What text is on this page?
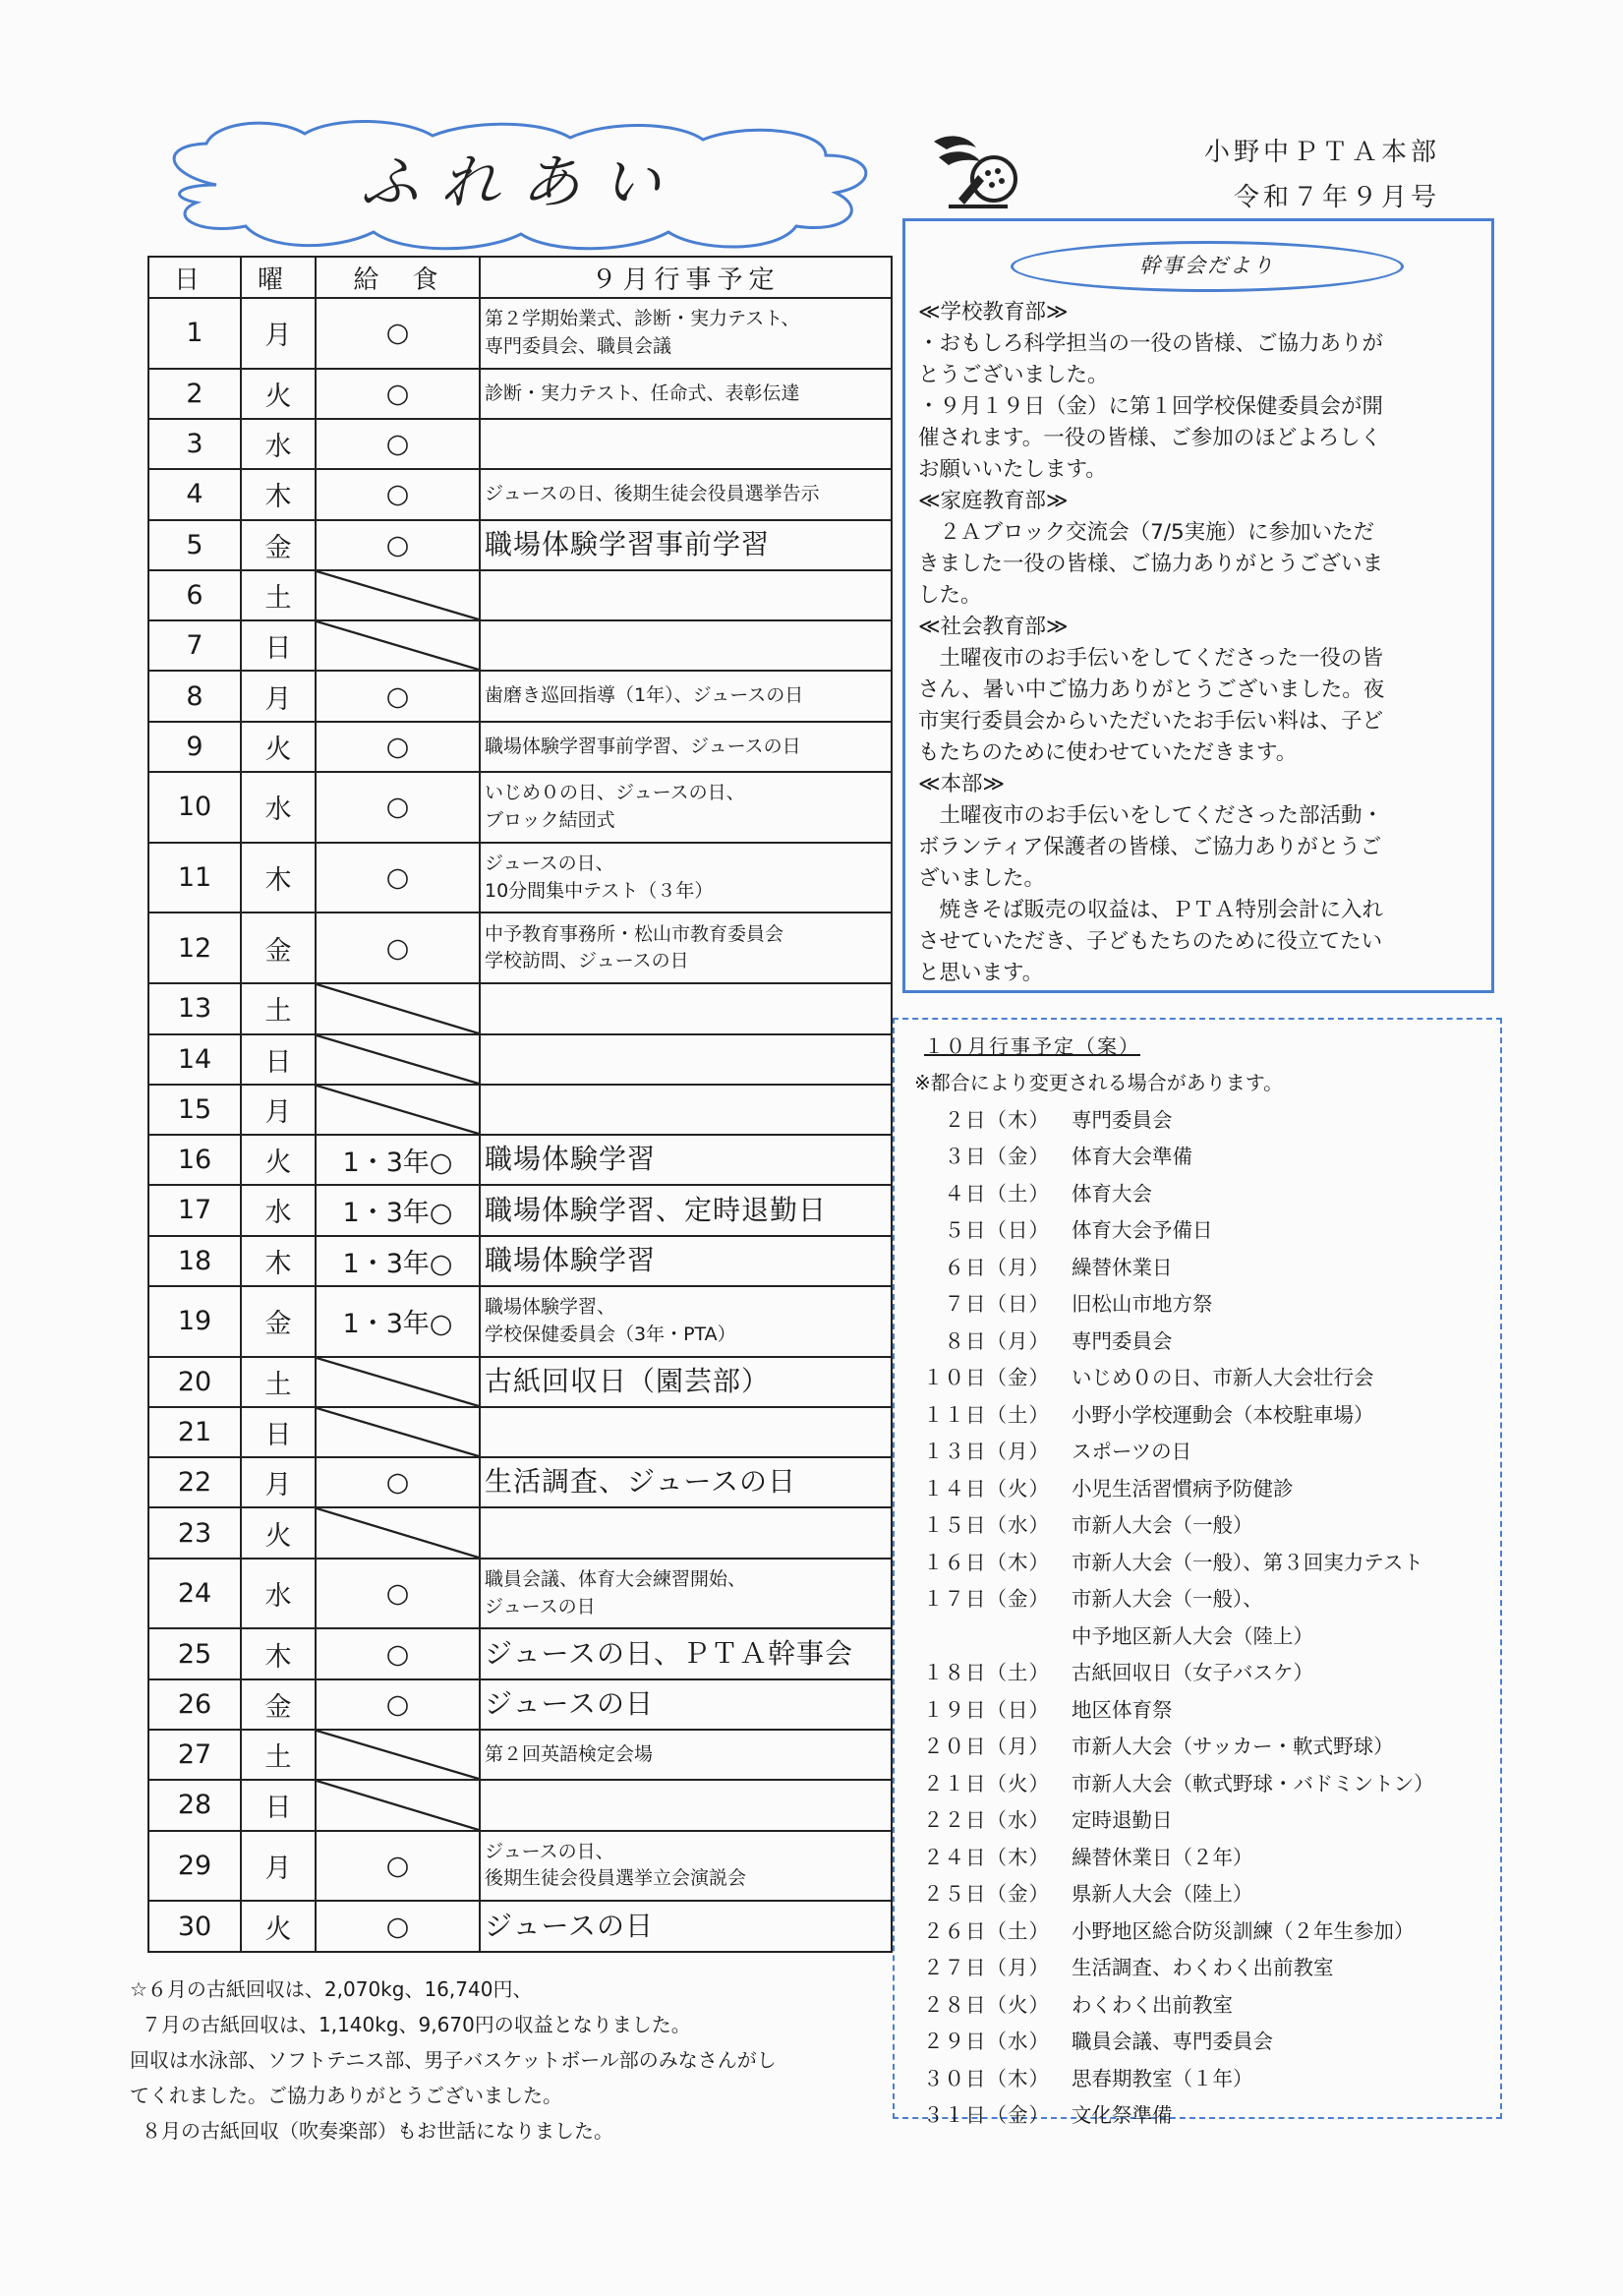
ふれあい	小野中ＰＴＡ本部
令和７年９月号
日	曜	給　食	９月行事予定
1	月	○	第２学期始業式、診断・実力テスト、
専門委員会、職員会議

2	火	○	診断・実力テスト、任命式、表彰伝達

3	水	○	
4	木	○	ジュースの日、後期生徒会役員選挙告示

5	金	○	職場体験学習事前学習

6	土		
7	日		
8	月	○	歯磨き巡回指導（1年）、ジュースの日

9	火	○	職場体験学習事前学習、ジュースの日

10	水	○	いじめ０の日、ジュースの日、
ブロック結団式

11	木	○	ジュースの日、
10分間集中テスト（３年）

12	金	○	中予教育事務所・松山市教育委員会
学校訪問、ジュースの日

13	土		
14	日		
15	月		
16	火	1・3年○	職場体験学習

17	水	1・3年○	職場体験学習、定時退勤日

18	木	1・3年○	職場体験学習

19	金	1・3年○	職場体験学習、
学校保健委員会（3年・PTA）

20	土		古紙回収日（園芸部）

21	日		
22	月	○	生活調査、ジュースの日

23	火		
24	水	○	職員会議、体育大会練習開始、
ジュースの日

25	木	○	ジュースの日、ＰＴＡ幹事会

26	金	○	ジュースの日

27	土		第２回英語検定会場

28	日		
29	月	○	ジュースの日、
後期生徒会役員選挙立会演説会

30	火	○	ジュースの日

☆６月の古紙回収は、2,070kg、16,740円、

７月の古紙回収は、1,140kg、9,670円の収益となりました。

回収は水泳部、ソフトテニス部、男子バスケットボール部のみなさんがし

てくれました。ご協力ありがとうございました。

８月の古紙回収（吹奏楽部）もお世話になりました。

幹事会だより

≪学校教育部≫

・おもしろ科学担当の一役の皆様、ご協力ありが

とうございました。

・９月１９日（金）に第１回学校保健委員会が開

催されます。一役の皆様、ご参加のほどよろしく

お願いいたします。

≪家庭教育部≫

　２Ａブロック交流会（7/5実施）に参加いただ

きました一役の皆様、ご協力ありがとうございま

した。

≪社会教育部≫

　土曜夜市のお手伝いをしてくださった一役の皆

さん、暑い中ご協力ありがとうございました。夜

市実行委員会からいただいたお手伝い料は、子ど

もたちのために使わせていただきます。

≪本部≫

　土曜夜市のお手伝いをしてくださった部活動・

ボランティア保護者の皆様、ご協力ありがとうご

ざいました。

　焼きそば販売の収益は、ＰＴＡ特別会計に入れ

させていただき、子どもたちのために役立てたい

と思います。

１０月行事予定（案）
※都合により変更される場合があります。
２日（木）	専門委員会
３日（金）	体育大会準備
４日（土）	体育大会
５日（日）	体育大会予備日
６日（月）	繰替休業日
７日（日）	旧松山市地方祭
８日（月）	専門委員会
１０日（金）	いじめ０の日、市新人大会壮行会
１１日（土）	小野小学校運動会（本校駐車場）
１３日（月）	スポーツの日
１４日（火）	小児生活習慣病予防健診
１５日（水）	市新人大会（一般）
１６日（木）	市新人大会（一般）、第３回実力テスト
１７日（金）	市新人大会（一般）、
中予地区新人大会（陸上）
１８日（土）	古紙回収日（女子バスケ）
１９日（日）	地区体育祭
２０日（月）	市新人大会（サッカー・軟式野球）
２１日（火）	市新人大会（軟式野球・バドミントン）
２２日（水）	定時退勤日
２４日（木）	繰替休業日（２年）
２５日（金）	県新人大会（陸上）
２６日（土）	小野地区総合防災訓練（２年生参加）
２７日（月）	生活調査、わくわく出前教室
２８日（火）	わくわく出前教室
２９日（水）	職員会議、専門委員会
３０日（木）	思春期教室（１年）
３１日（金）	文化祭準備
